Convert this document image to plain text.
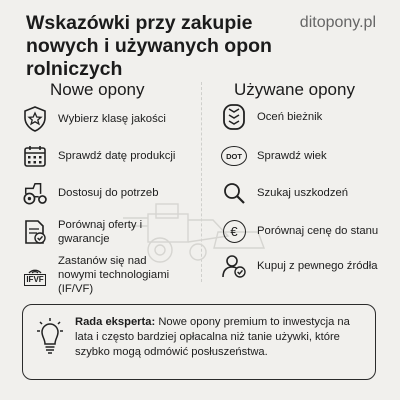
Wskazówki przy zakupie nowych i używanych opon rolniczych
ditopony.pl
Nowe opony	Używane opony
Wybierz klasę jakości
Sprawdź datę produkcji
Dostosuj do potrzeb
Porównaj oferty i gwarancje
IFVF
Zastanów się nad nowymi technologiami (IF/VF)
Oceń bieżnik
DOT	Sprawdź wiek
Szukaj uszkodzeń
€	Porównaj cenę do stanu
Kupuj z pewnego źródła
Rada eksperta: Nowe opony premium to inwestycja na lata i często bardziej opłacalna niż tanie używki, które szybko mogą odmówić posłuszeństwa.
